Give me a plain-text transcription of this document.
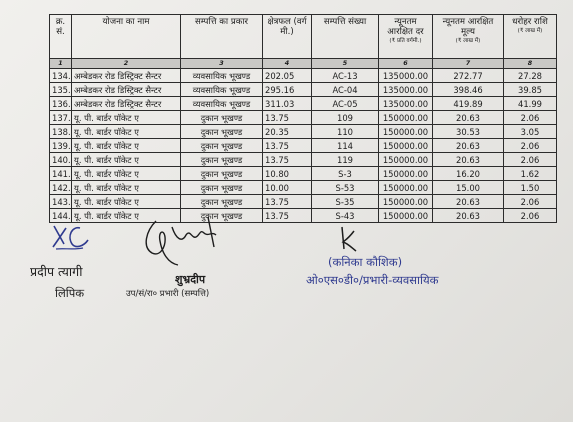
क्र. सं.	योजना का नाम	सम्पत्ति का प्रकार	क्षेत्रफल (वर्ग मी.)	सम्पत्ति संख्या	न्यूनतम आरक्षित दर
(₹ प्रति वर्गमी.)	न्यूनतम आरक्षित मूल्य
(₹ लाख में)	धरोहर राशि
(₹ लाख में)

1	2	3	4	5	6	7	8
134.	अम्बेडकर रोड डिस्ट्रिक्ट सैन्टर	व्यवसायिक भूखण्ड	202.05	AC-13	135000.00	272.77	27.28
135.	अम्बेडकर रोड डिस्ट्रिक्ट सैन्टर	व्यवसायिक भूखण्ड	295.16	AC-04	135000.00	398.46	39.85
136.	अम्बेडकर रोड डिस्ट्रिक्ट सैन्टर	व्यवसायिक भूखण्ड	311.03	AC-05	135000.00	419.89	41.99
137.	यू. पी. बार्डर पॉकेट ए	दुकान भूखण्ड	13.75	109	150000.00	20.63	2.06
138.	यू. पी. बार्डर पॉकेट ए	दुकान भूखण्ड	20.35	110	150000.00	30.53	3.05
139.	यू. पी. बार्डर पॉकेट ए	दुकान भूखण्ड	13.75	114	150000.00	20.63	2.06
140.	यू. पी. बार्डर पॉकेट ए	दुकान भूखण्ड	13.75	119	150000.00	20.63	2.06
141.	यू. पी. बार्डर पॉकेट ए	दुकान भूखण्ड	10.80	S-3	150000.00	16.20	1.62
142.	यू. पी. बार्डर पॉकेट ए	दुकान भूखण्ड	10.00	S-53	150000.00	15.00	1.50
143.	यू. पी. बार्डर पॉकेट ए	दुकान भूखण्ड	13.75	S-35	150000.00	20.63	2.06
144.	यू. पी. बार्डर पॉकेट ए	दुकान भूखण्ड	13.75	S-43	150000.00	20.63	2.06
प्रदीप त्यागी
लिपिक
शुभ्रदीप
उप/सं/रा० प्रभारी (सम्पत्ति)
(कनिका कौशिक)
ओ०एस०डी०/प्रभारी-व्यवसायिक
